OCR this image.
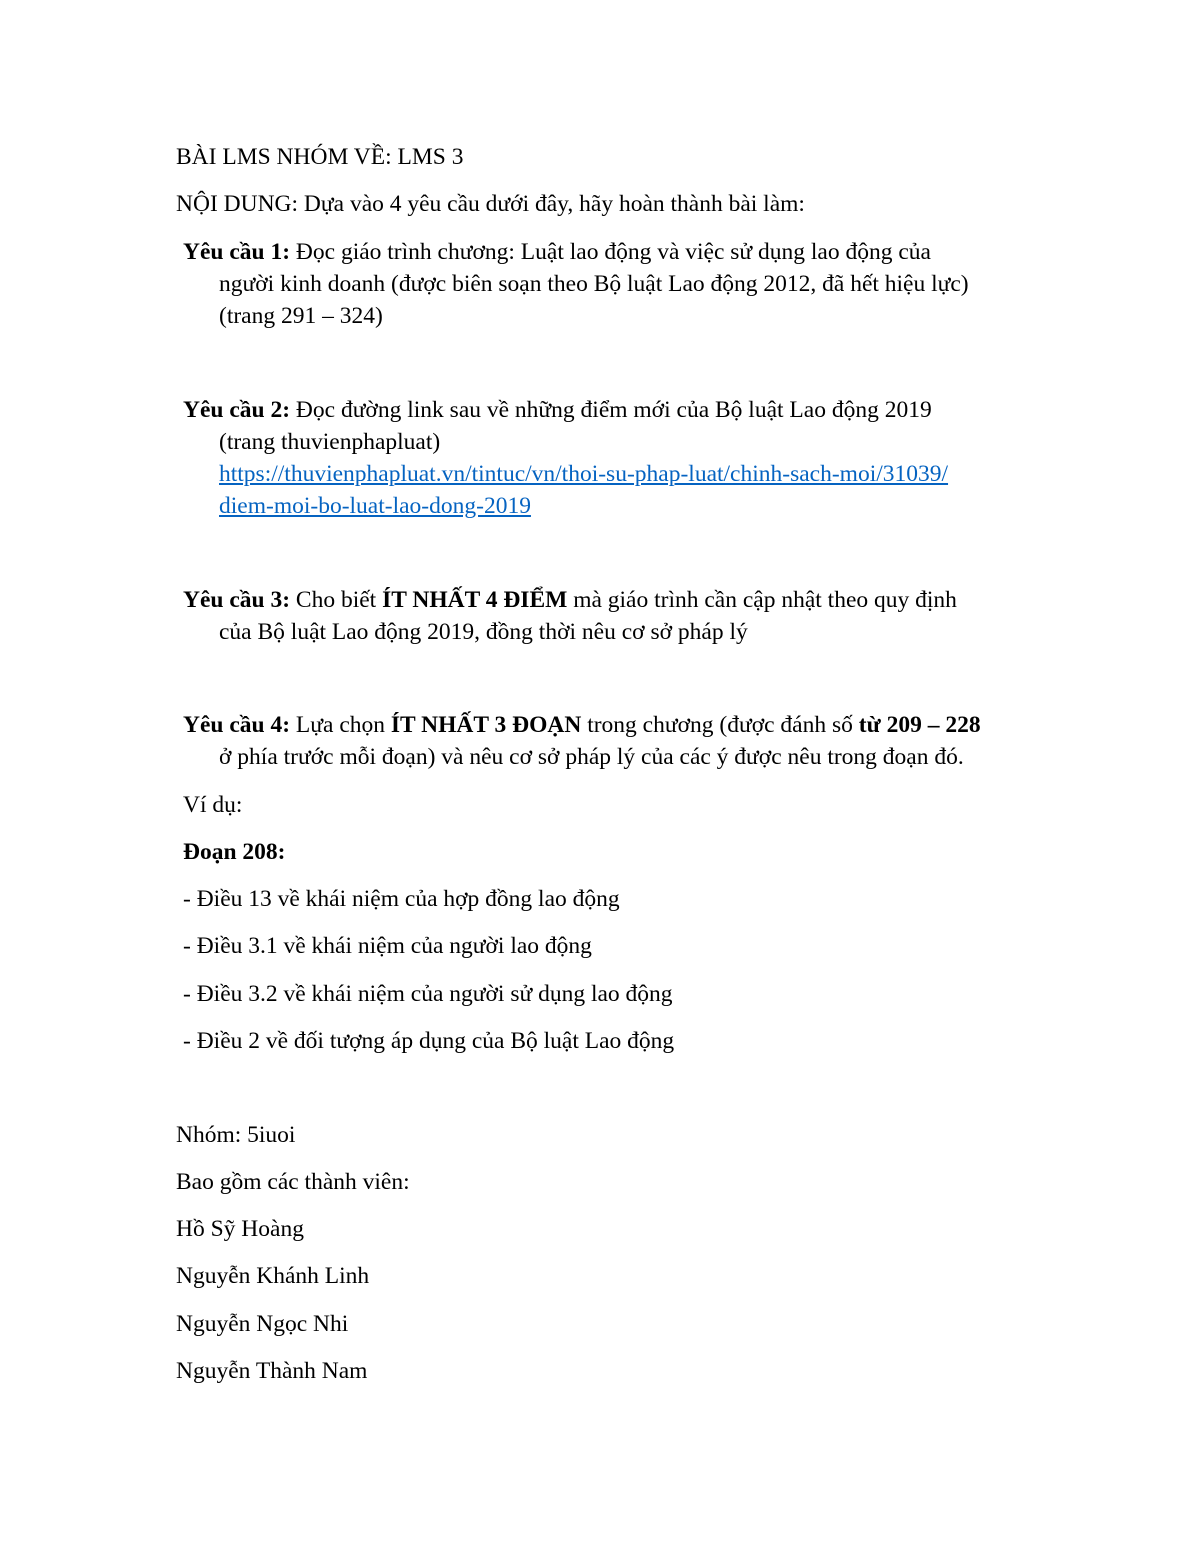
BÀI LMS NHÓM VỀ: LMS 3
NỘI DUNG: Dựa vào 4 yêu cầu dưới đây, hãy hoàn thành bài làm:
Yêu cầu 1: Đọc giáo trình chương: Luật lao động và việc sử dụng lao động của
người kinh doanh (được biên soạn theo Bộ luật Lao động 2012, đã hết hiệu lực)
(trang 291 – 324)
Yêu cầu 2: Đọc đường link sau về những điểm mới của Bộ luật Lao động 2019
(trang thuvienphapluat)
https://thuvienphapluat.vn/tintuc/vn/thoi-su-phap-luat/chinh-sach-moi/31039/
diem-moi-bo-luat-lao-dong-2019
Yêu cầu 3: Cho biết ÍT NHẤT 4 ĐIỂM mà giáo trình cần cập nhật theo quy định
của Bộ luật Lao động 2019, đồng thời nêu cơ sở pháp lý
Yêu cầu 4: Lựa chọn ÍT NHẤT 3 ĐOẠN trong chương (được đánh số từ 209 – 228
ở phía trước mỗi đoạn) và nêu cơ sở pháp lý của các ý được nêu trong đoạn đó.
Ví dụ:
Đoạn 208:
- Điều 13 về khái niệm của hợp đồng lao động
- Điều 3.1 về khái niệm của người lao động
- Điều 3.2 về khái niệm của người sử dụng lao động
- Điều 2 về đối tượng áp dụng của Bộ luật Lao động
Nhóm: 5iuoi
Bao gồm các thành viên:
Hồ Sỹ Hoàng
Nguyễn Khánh Linh
Nguyễn Ngọc Nhi
Nguyễn Thành Nam
